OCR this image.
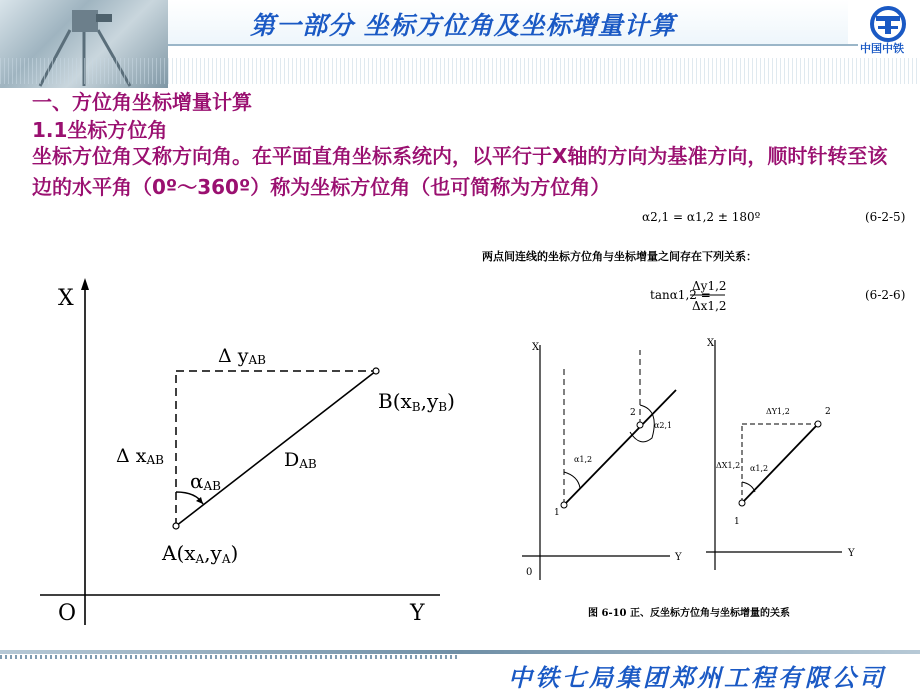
第一部分 坐标方位角及坐标增量计算
中国中铁
一、方位角坐标增量计算
1.1坐标方位角
坐标方位角又称方向角。在平面直角坐标系统内，以平行于X轴的方向为基准方向，顺时针转至该边的水平角（0º～360º）称为坐标方位角（也可简称为方位角）
X
Y
O
Δ yAB
Δ xAB
αAB
DAB
A(xA,yA)
B(xB,yB)
α2,1 = α1,2 ± 180º	(6-2-5)
两点间连线的坐标方位角与坐标增量之间存在下列关系：
tanα1,2 =
Δy1,2
Δx1,2
(6-2-6)
X
Y
0
1
2
α1,2
α2,1
X
Y
1
2
ΔY1,2
ΔX1,2 α1,2
图 6-10 正、反坐标方位角与坐标增量的关系
中铁七局集团郑州工程有限公司
